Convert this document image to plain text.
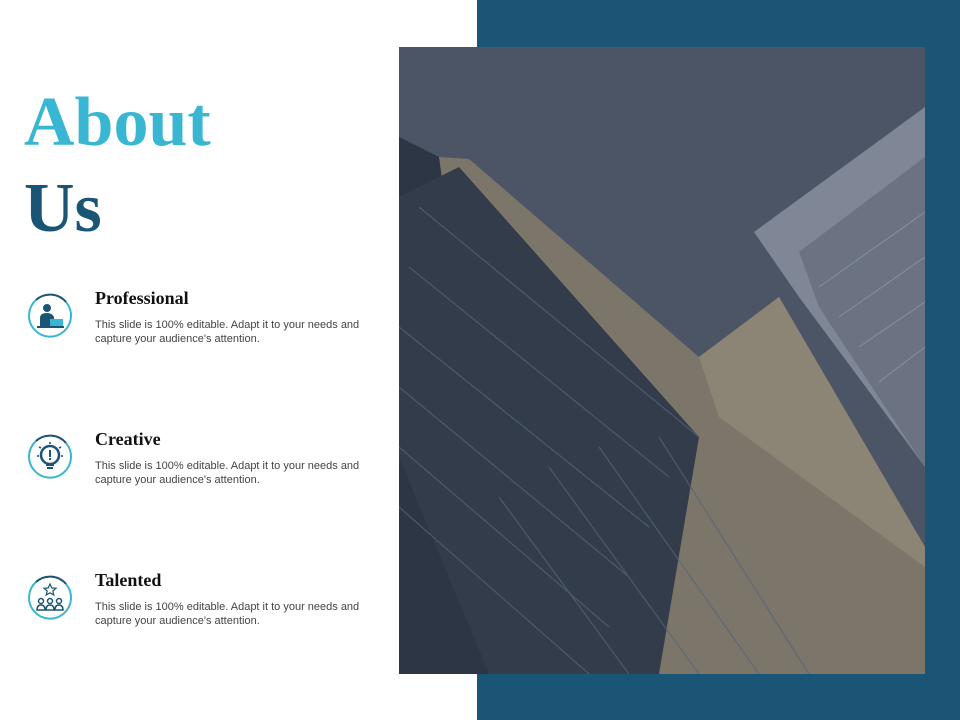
About
Us
Professional

This slide is 100% editable. Adapt it to your needs and capture your audience's attention.

Creative

This slide is 100% editable. Adapt it to your needs and capture your audience's attention.

Talented

This slide is 100% editable. Adapt it to your needs and capture your audience's attention.
